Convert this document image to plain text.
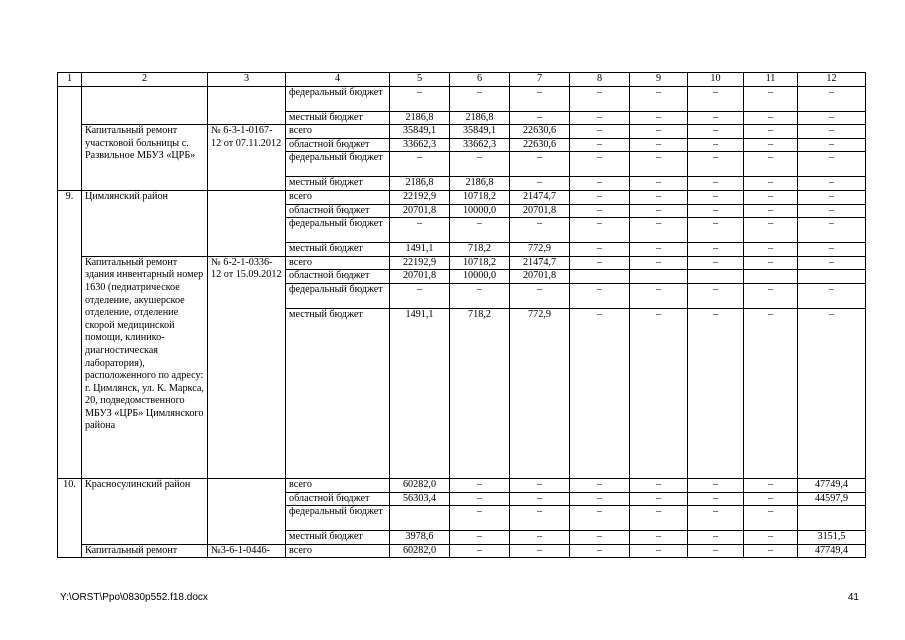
1	2	3	4	5	6	7	8	9	10	11	12
			федеральный бюджет	–	–	–	–	–	–	–	–
			местный бюджет	2186,8	2186,8	–	–	–	–	–	–
	Капитальный ремонт участковой больницы с. Развильное МБУЗ «ЦРБ»	№ 6-3-1-0167-12 от 07.11.2012	всего	35849,1	35849,1	22630,6	–	–	–	–	–
			областной бюджет	33662,3	33662,3	22630,6	–	–	–	–	–
			федеральный бюджет	–	–	–	–	–	–	–	–
			местный бюджет	2186,8	2186,8	–	–	–	–	–	–
9.	Цимлянский район		всего	22192,9	10718,2	21474,7	–	–	–	–	–
			областной бюджет	20701,8	10000,0	20701,8	–	–	–	–	–
			федеральный бюджет	–	–	–	–	–	–	–	–
			местный бюджет	1491,1	718,2	772,9	–	–	–	–	–
	Капитальный ремонт здания инвентарный номер 1630 (педиатрическое отделение, акушерское отделение, отделение скорой медицинской помощи, клинико-диагностическая лаборатория), расположенного по адресу: г. Цимлянск, ул. К. Маркса, 20, подведомственного МБУЗ «ЦРБ» Цимлянского района	№ 6-2-1-0336-12 от 15.09.2012	всего	22192,9	10718,2	21474,7	–	–	–	–	–
			областной бюджет	20701,8	10000,0	20701,8					
			федеральный бюджет	–	–	–	–	–	–	–	–
			местный бюджет	1491,1	718,2	772,9	–	–	–	–	–
10.	Красносулинский район		всего	60282,0	–	–	–	–	–	–	47749,4
			областной бюджет	56303,4	–	–	–	–	–	–	44597,9
			федеральный бюджет		–	–	–	–	–	–	
			местный бюджет	3978,6	–	–	–	–	–	–	3151,5
	Капитальный ремонт	№3-6-1-0446-	всего	60282,0	–	–	–	–	–	–	47749,4
Y:\ORST\Ppo\0830p552.f18.docx	41
